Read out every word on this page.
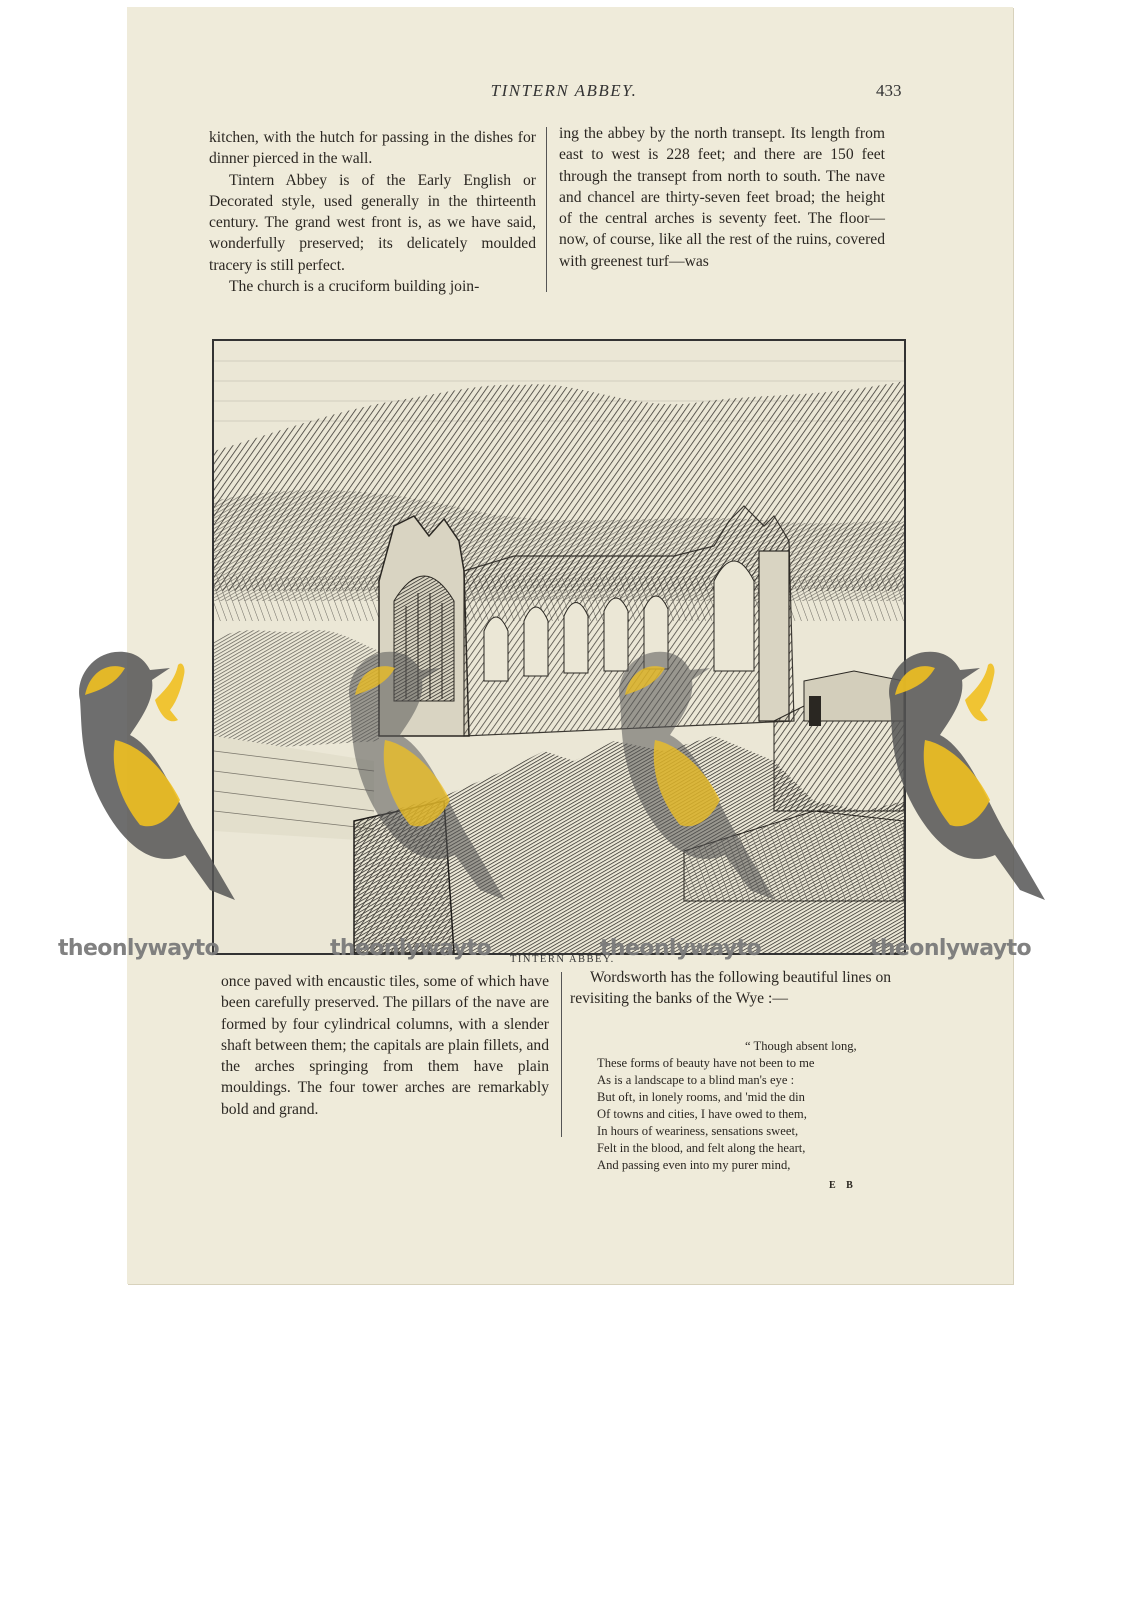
TINTERN ABBEY.	433

kitchen, with the hutch for passing in the dishes for dinner pierced in the wall.

Tintern Abbey is of the Early English or Decorated style, used generally in the thirteenth century. The grand west front is, as we have said, wonderfully preserved; its delicately moulded tracery is still perfect.

The church is a cruciform building join-

ing the abbey by the north transept. Its length from east to west is 228 feet; and there are 150 feet through the transept from north to south. The nave and chancel are thirty-seven feet broad; the height of the central arches is seventy feet. The floor—now, of course, like all the rest of the ruins, covered with greenest turf—was

TINTERN ABBEY.

once paved with encaustic tiles, some of which have been carefully preserved. The pillars of the nave are formed by four cylindrical columns, with a slender shaft between them; the capitals are plain fillets, and the arches springing from them have plain mouldings. The four tower arches are remarkably bold and grand.

Wordsworth has the following beautiful lines on revisiting the banks of the Wye :—

“ Though absent long,
These forms of beauty have not been to me
As is a landscape to a blind man's eye :
But oft, in lonely rooms, and 'mid the din
Of towns and cities, I have owed to them,
In hours of weariness, sensations sweet,
Felt in the blood, and felt along the heart,
And passing even into my purer mind,
E B
theonlywayto	theonlywayto	theonlywayto	theonlywayto
